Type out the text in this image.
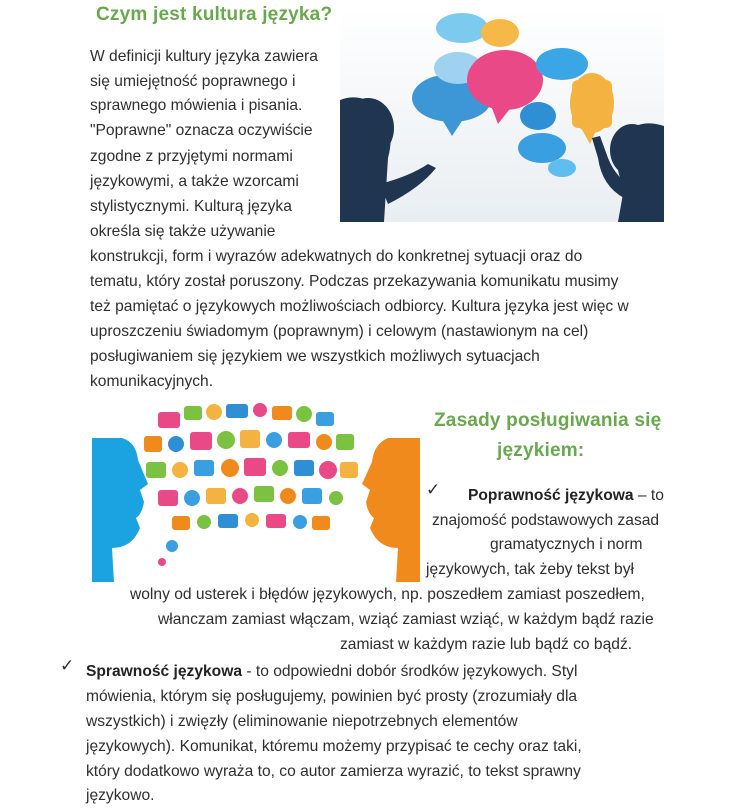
Czym jest kultura języka?
W definicji kultury języka zawiera
się umiejętność poprawnego i
sprawnego mówienia i pisania.
"Poprawne" oznacza oczywiście
zgodne z przyjętymi normami
językowymi, a także wzorcami
stylistycznymi. Kulturą języka
określa się także używanie
konstrukcji, form i wyrazów adekwatnych do konkretnej sytuacji oraz do
tematu, który został poruszony. Podczas przekazywania komunikatu musimy
też pamiętać o językowych możliwościach odbiorcy. Kultura języka jest więc w
uproszczeniu świadomym (poprawnym) i celowym (nastawionym na cel)
posługiwaniem się językiem we wszystkich możliwych sytuacjach
komunikacyjnych.
Zasady posługiwania się
językiem:
✓ Poprawność językowa – to
znajomość podstawowych zasad
gramatycznych i norm
językowych, tak żeby tekst był
wolny od usterek i błędów językowych, np. poszedłem zamiast poszedłem,
włanczam zamiast włączam, wziąć zamiast wziąć, w każdym bądź razie
zamiast w każdym razie lub bądź co bądź.
✓ Sprawność językowa - to odpowiedni dobór środków językowych. Styl
mówienia, którym się posługujemy, powinien być prosty (zrozumiały dla
wszystkich) i zwięzły (eliminowanie niepotrzebnych elementów
językowych). Komunikat, któremu możemy przypisać te cechy oraz taki,
który dodatkowo wyraża to, co autor zamierza wyrazić, to tekst sprawny
językowo.
